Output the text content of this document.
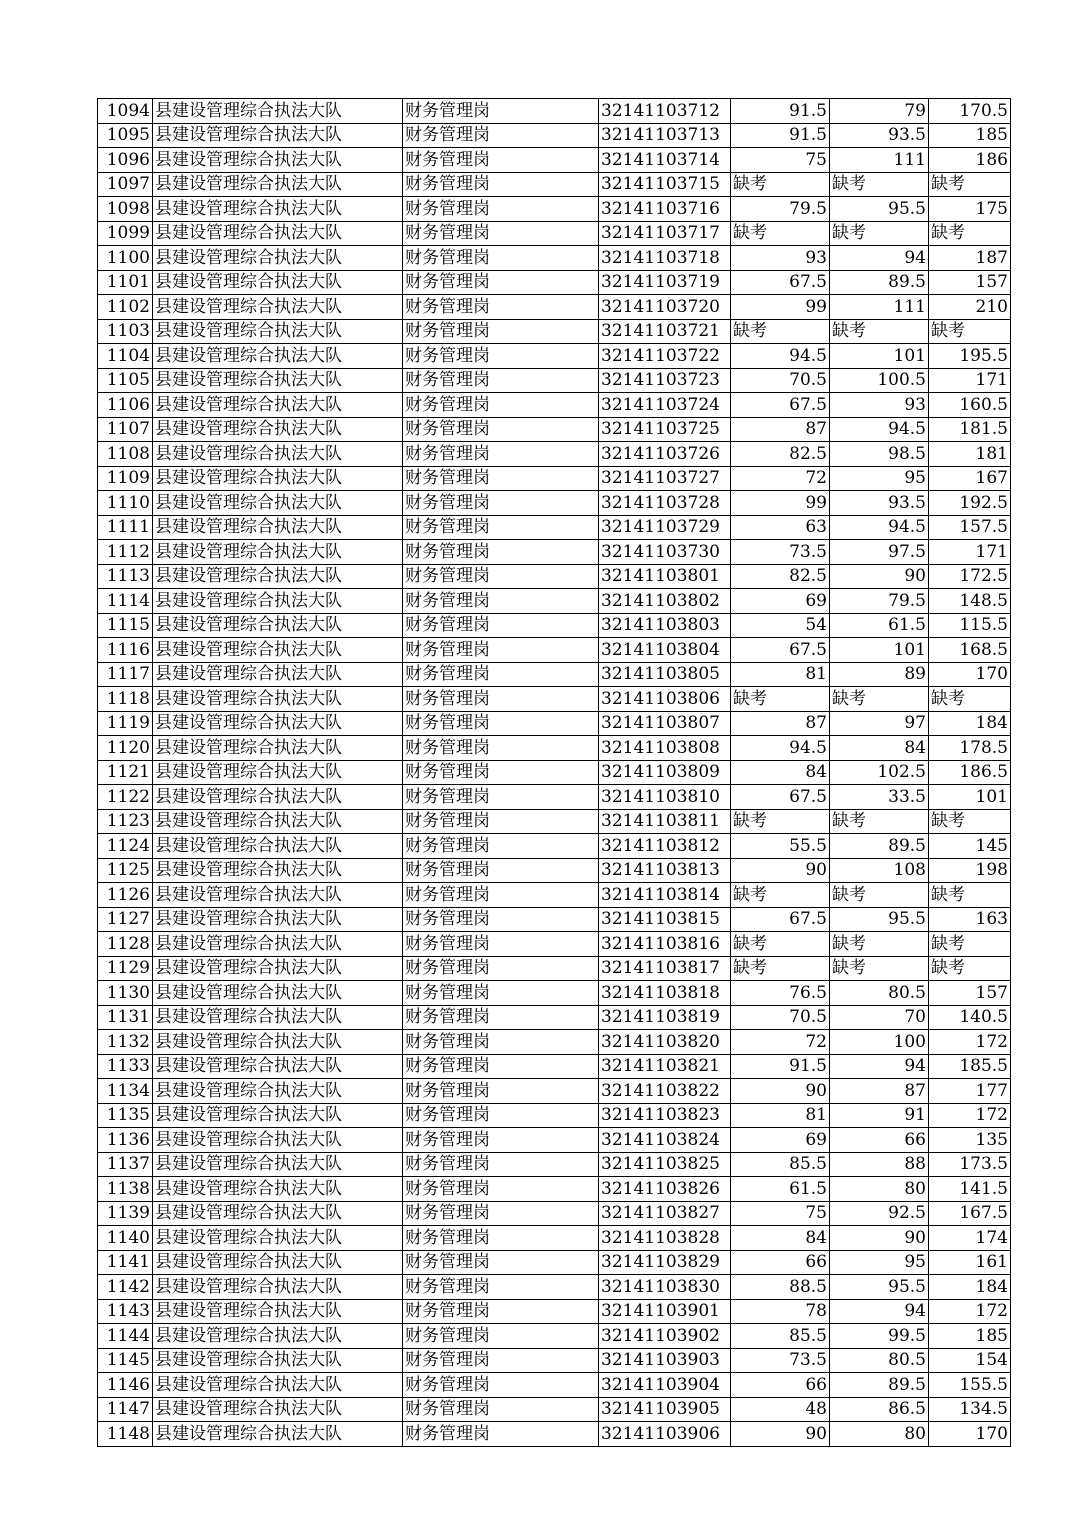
1094	县建设管理综合执法大队	财务管理岗	32141103712	91.5	79	170.5
1095	县建设管理综合执法大队	财务管理岗	32141103713	91.5	93.5	185
1096	县建设管理综合执法大队	财务管理岗	32141103714	75	111	186
1097	县建设管理综合执法大队	财务管理岗	32141103715	缺考	缺考	缺考
1098	县建设管理综合执法大队	财务管理岗	32141103716	79.5	95.5	175
1099	县建设管理综合执法大队	财务管理岗	32141103717	缺考	缺考	缺考
1100	县建设管理综合执法大队	财务管理岗	32141103718	93	94	187
1101	县建设管理综合执法大队	财务管理岗	32141103719	67.5	89.5	157
1102	县建设管理综合执法大队	财务管理岗	32141103720	99	111	210
1103	县建设管理综合执法大队	财务管理岗	32141103721	缺考	缺考	缺考
1104	县建设管理综合执法大队	财务管理岗	32141103722	94.5	101	195.5
1105	县建设管理综合执法大队	财务管理岗	32141103723	70.5	100.5	171
1106	县建设管理综合执法大队	财务管理岗	32141103724	67.5	93	160.5
1107	县建设管理综合执法大队	财务管理岗	32141103725	87	94.5	181.5
1108	县建设管理综合执法大队	财务管理岗	32141103726	82.5	98.5	181
1109	县建设管理综合执法大队	财务管理岗	32141103727	72	95	167
1110	县建设管理综合执法大队	财务管理岗	32141103728	99	93.5	192.5
1111	县建设管理综合执法大队	财务管理岗	32141103729	63	94.5	157.5
1112	县建设管理综合执法大队	财务管理岗	32141103730	73.5	97.5	171
1113	县建设管理综合执法大队	财务管理岗	32141103801	82.5	90	172.5
1114	县建设管理综合执法大队	财务管理岗	32141103802	69	79.5	148.5
1115	县建设管理综合执法大队	财务管理岗	32141103803	54	61.5	115.5
1116	县建设管理综合执法大队	财务管理岗	32141103804	67.5	101	168.5
1117	县建设管理综合执法大队	财务管理岗	32141103805	81	89	170
1118	县建设管理综合执法大队	财务管理岗	32141103806	缺考	缺考	缺考
1119	县建设管理综合执法大队	财务管理岗	32141103807	87	97	184
1120	县建设管理综合执法大队	财务管理岗	32141103808	94.5	84	178.5
1121	县建设管理综合执法大队	财务管理岗	32141103809	84	102.5	186.5
1122	县建设管理综合执法大队	财务管理岗	32141103810	67.5	33.5	101
1123	县建设管理综合执法大队	财务管理岗	32141103811	缺考	缺考	缺考
1124	县建设管理综合执法大队	财务管理岗	32141103812	55.5	89.5	145
1125	县建设管理综合执法大队	财务管理岗	32141103813	90	108	198
1126	县建设管理综合执法大队	财务管理岗	32141103814	缺考	缺考	缺考
1127	县建设管理综合执法大队	财务管理岗	32141103815	67.5	95.5	163
1128	县建设管理综合执法大队	财务管理岗	32141103816	缺考	缺考	缺考
1129	县建设管理综合执法大队	财务管理岗	32141103817	缺考	缺考	缺考
1130	县建设管理综合执法大队	财务管理岗	32141103818	76.5	80.5	157
1131	县建设管理综合执法大队	财务管理岗	32141103819	70.5	70	140.5
1132	县建设管理综合执法大队	财务管理岗	32141103820	72	100	172
1133	县建设管理综合执法大队	财务管理岗	32141103821	91.5	94	185.5
1134	县建设管理综合执法大队	财务管理岗	32141103822	90	87	177
1135	县建设管理综合执法大队	财务管理岗	32141103823	81	91	172
1136	县建设管理综合执法大队	财务管理岗	32141103824	69	66	135
1137	县建设管理综合执法大队	财务管理岗	32141103825	85.5	88	173.5
1138	县建设管理综合执法大队	财务管理岗	32141103826	61.5	80	141.5
1139	县建设管理综合执法大队	财务管理岗	32141103827	75	92.5	167.5
1140	县建设管理综合执法大队	财务管理岗	32141103828	84	90	174
1141	县建设管理综合执法大队	财务管理岗	32141103829	66	95	161
1142	县建设管理综合执法大队	财务管理岗	32141103830	88.5	95.5	184
1143	县建设管理综合执法大队	财务管理岗	32141103901	78	94	172
1144	县建设管理综合执法大队	财务管理岗	32141103902	85.5	99.5	185
1145	县建设管理综合执法大队	财务管理岗	32141103903	73.5	80.5	154
1146	县建设管理综合执法大队	财务管理岗	32141103904	66	89.5	155.5
1147	县建设管理综合执法大队	财务管理岗	32141103905	48	86.5	134.5
1148	县建设管理综合执法大队	财务管理岗	32141103906	90	80	170
